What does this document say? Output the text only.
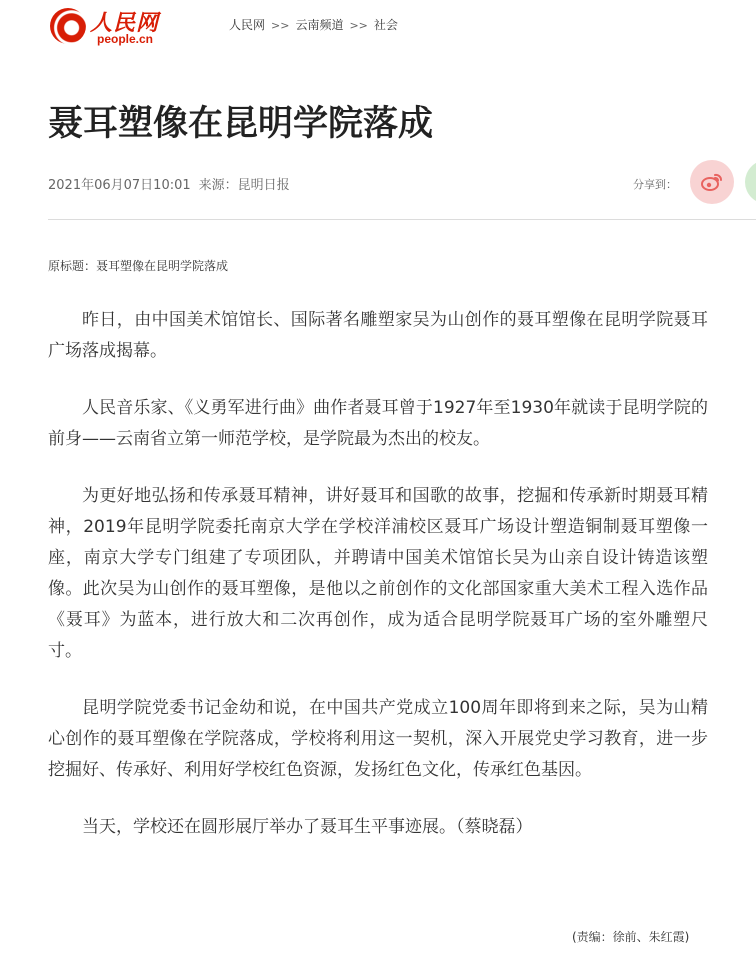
人民网
people.cn
人民网 >> 云南频道 >> 社会
聂耳塑像在昆明学院落成
2021年06月07日10:01 来源：昆明日报	分享到：
原标题：聂耳塑像在昆明学院落成

昨日，由中国美术馆馆长、国际著名雕塑家吴为山创作的聂耳塑像在昆明学院聂耳广场落成揭幕。

人民音乐家、《义勇军进行曲》曲作者聂耳曾于1927年至1930年就读于昆明学院的前身——云南省立第一师范学校，是学院最为杰出的校友。

为更好地弘扬和传承聂耳精神，讲好聂耳和国歌的故事，挖掘和传承新时期聂耳精神，2019年昆明学院委托南京大学在学校洋浦校区聂耳广场设计塑造铜制聂耳塑像一座，南京大学专门组建了专项团队，并聘请中国美术馆馆长吴为山亲自设计铸造该塑像。此次吴为山创作的聂耳塑像，是他以之前创作的文化部国家重大美术工程入选作品《聂耳》为蓝本，进行放大和二次再创作，成为适合昆明学院聂耳广场的室外雕塑尺寸。

昆明学院党委书记金幼和说，在中国共产党成立100周年即将到来之际，吴为山精心创作的聂耳塑像在学院落成，学校将利用这一契机，深入开展党史学习教育，进一步挖掘好、传承好、利用好学校红色资源，发扬红色文化，传承红色基因。

当天，学校还在圆形展厅举办了聂耳生平事迹展。（蔡晓磊）

(责编：徐前、朱红霞)
